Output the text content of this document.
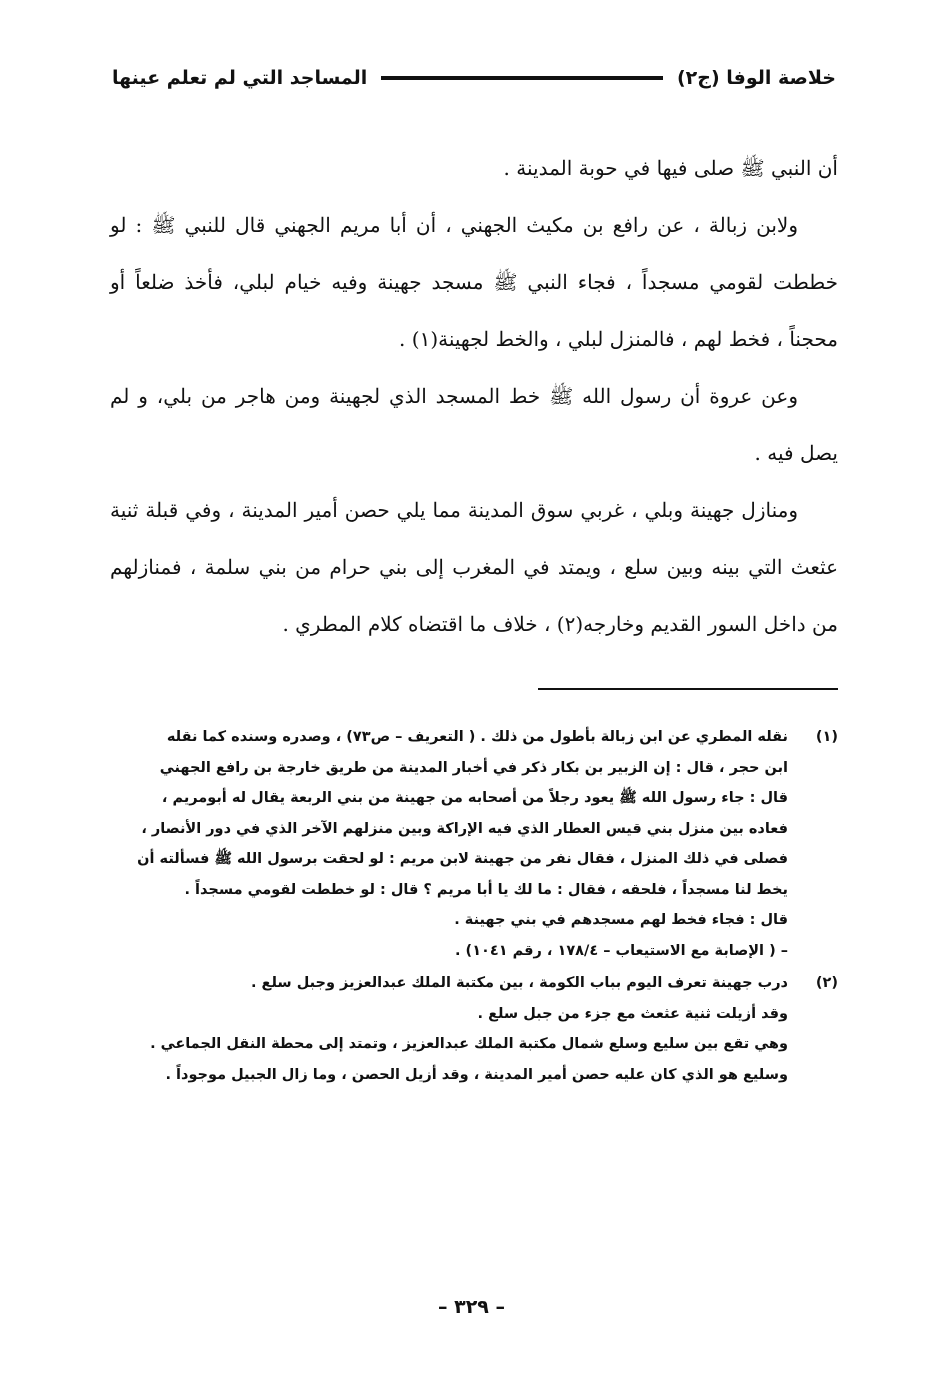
خلاصة الوفا (ج٢)
المساجد التي لم تعلم عينها

أن النبي ﷺ صلى فيها في حوبة المدينة .

ولابن زبالة ، عن رافع بن مكيث الجهني ، أن أبا مريم الجهني قال للنبي ﷺ : لو خططت لقومي مسجداً ، فجاء النبي ﷺ مسجد جهينة وفيه خيام لبلي، فأخذ ضلعاً أو محجناً ، فخط لهم ، فالمنزل لبلي ، والخط لجهينة(١) .

وعن عروة أن رسول الله ﷺ خط المسجد الذي لجهينة ومن هاجر من بلي، و لم يصل فيه .

ومنازل جهينة وبلي ، غربي سوق المدينة مما يلي حصن أمير المدينة ، وفي قبلة ثنية عثعث التي بينه وبين سلع ، ويمتد في المغرب إلى بني حرام من بني سلمة ، فمنازلهم من داخل السور القديم وخارجه(٢) ، خلاف ما اقتضاه كلام المطري .

(١)
نقله المطري عن ابن زبالة بأطول من ذلك . ( التعريف – ص٧٣) ، وصدره وسنده كما نقله
ابن حجر ، قال : إن الزبير بن بكار ذكر في أخبار المدينة من طريق خارجة بن رافع الجهني
قال : جاء رسول الله ﷺ يعود رجلاً من أصحابه من جهينة من بني الربعة يقال له أبومريم ،
فعاده بين منزل بني قيس العطار الذي فيه الإراكة وبين منزلهم الآخر الذي في دور الأنصار ،
فصلى في ذلك المنزل ، فقال نفر من جهينة لابن مريم : لو لحقت برسول الله ﷺ فسألته أن
يخط لنا مسجداً ، فلحقه ، فقال : ما لك يا أبا مريم ؟ قال : لو خططت لقومي مسجداً .
قال : فجاء فخط لهم مسجدهم في بني جهينة .
– ( الإصابة مع الاستيعاب – ١٧٨/٤ ، رقم ١٠٤١) .
(٢)
درب جهينة تعرف اليوم بباب الكومة ، بين مكتبة الملك عبدالعزيز وجبل سلع .
وقد أزيلت ثنية عثعث مع جزء من جبل سلع .
وهي تقع بين سليع وسلع شمال مكتبة الملك عبدالعزيز ، وتمتد إلى محطة النقل الجماعي .
وسليع هو الذي كان عليه حصن أمير المدينة ، وقد أزيل الحصن ، وما زال الجبيل موجوداً .
– ٣٢٩ –
